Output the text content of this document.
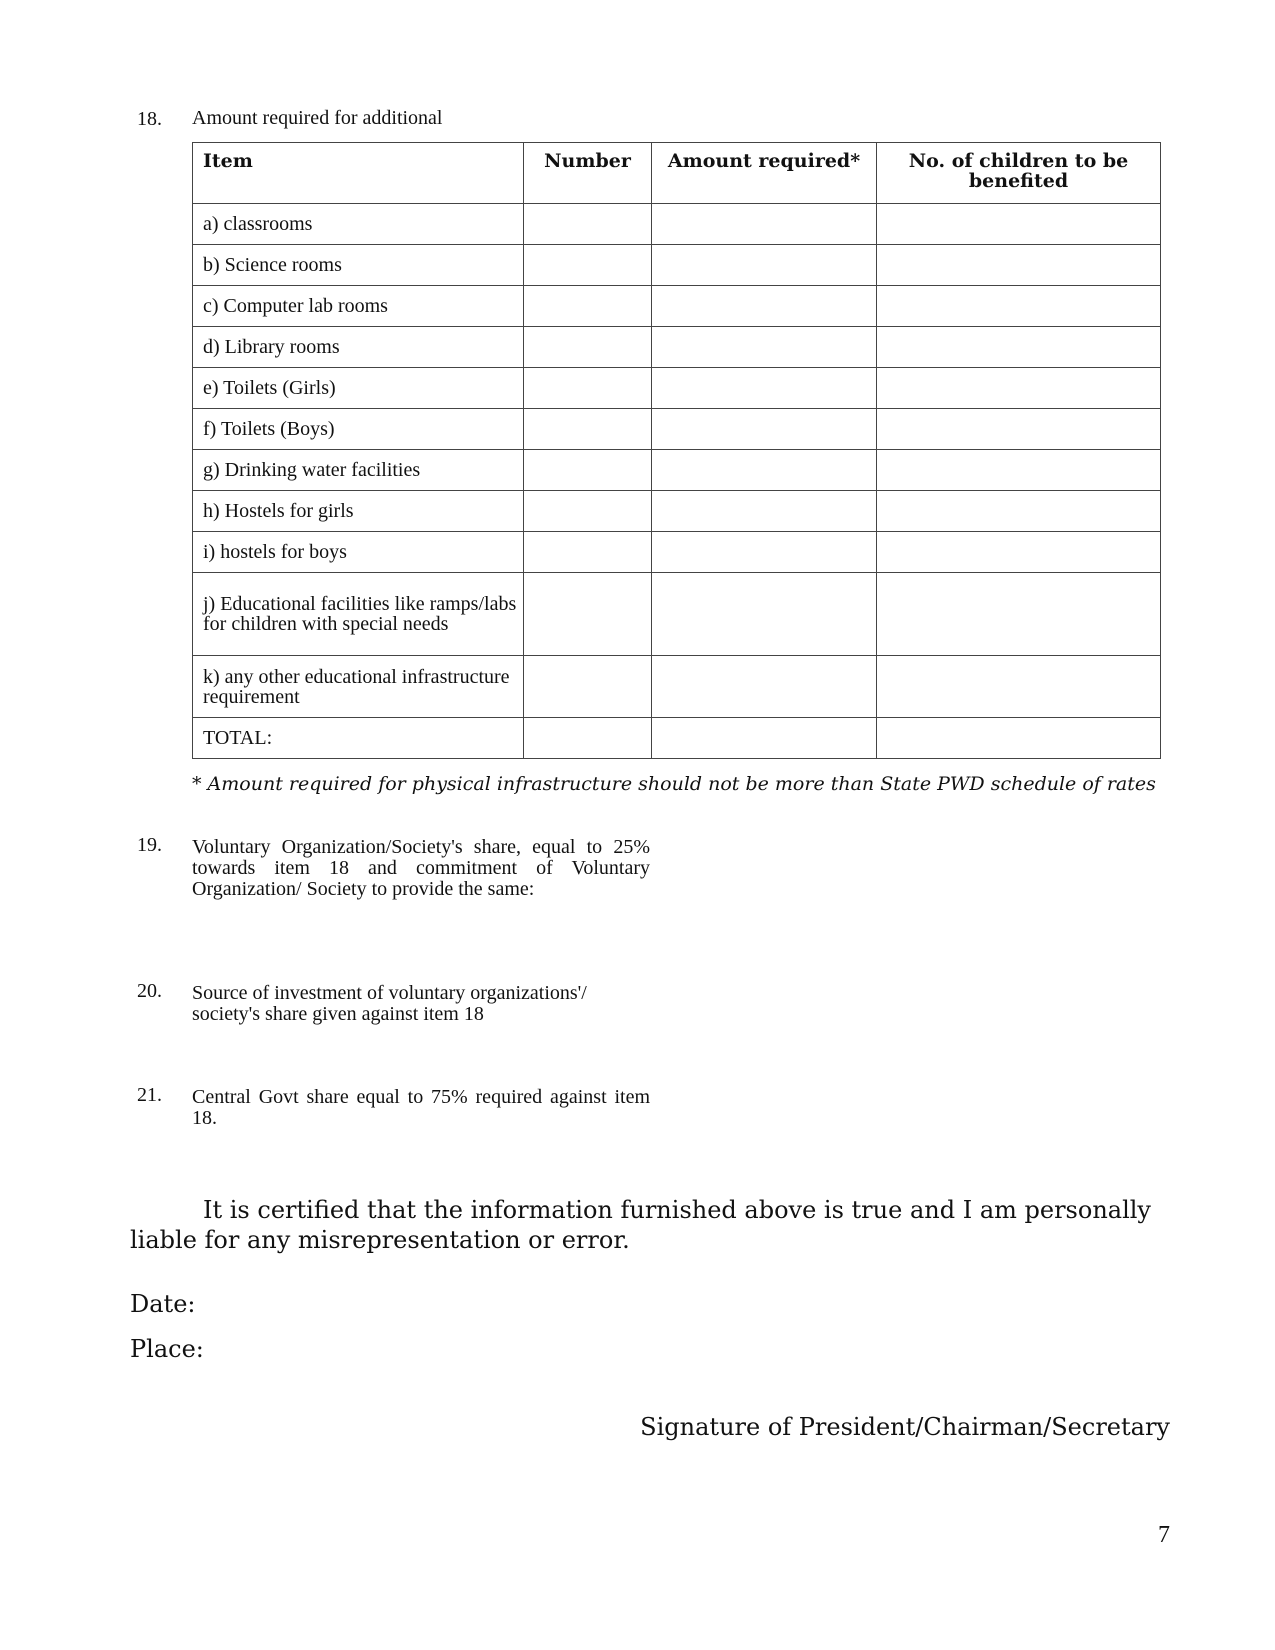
18. Amount required for additional
Item	Number	Amount required*	No. of children to be benefited
a) classrooms			
b) Science rooms			
c) Computer lab rooms			
d) Library rooms			
e) Toilets (Girls)			
f) Toilets (Boys)			
g) Drinking water facilities			
h) Hostels for girls			
i) hostels for boys			
j) Educational facilities like ramps/labs for children with special needs			
k) any other educational infrastructure requirement			
TOTAL:			
* Amount required for physical infrastructure should not be more than State PWD schedule of rates
19. Voluntary Organization/Society's share, equal to 25% towards item 18 and commitment of Voluntary Organization/ Society to provide the same:
20. Source of investment of voluntary organizations'/ society's share given against item 18
21. Central Govt share equal to 75% required against item 18.
It is certified that the information furnished above is true and I am personally liable for any misrepresentation or error.
Date:
Place:
Signature of President/Chairman/Secretary
7
